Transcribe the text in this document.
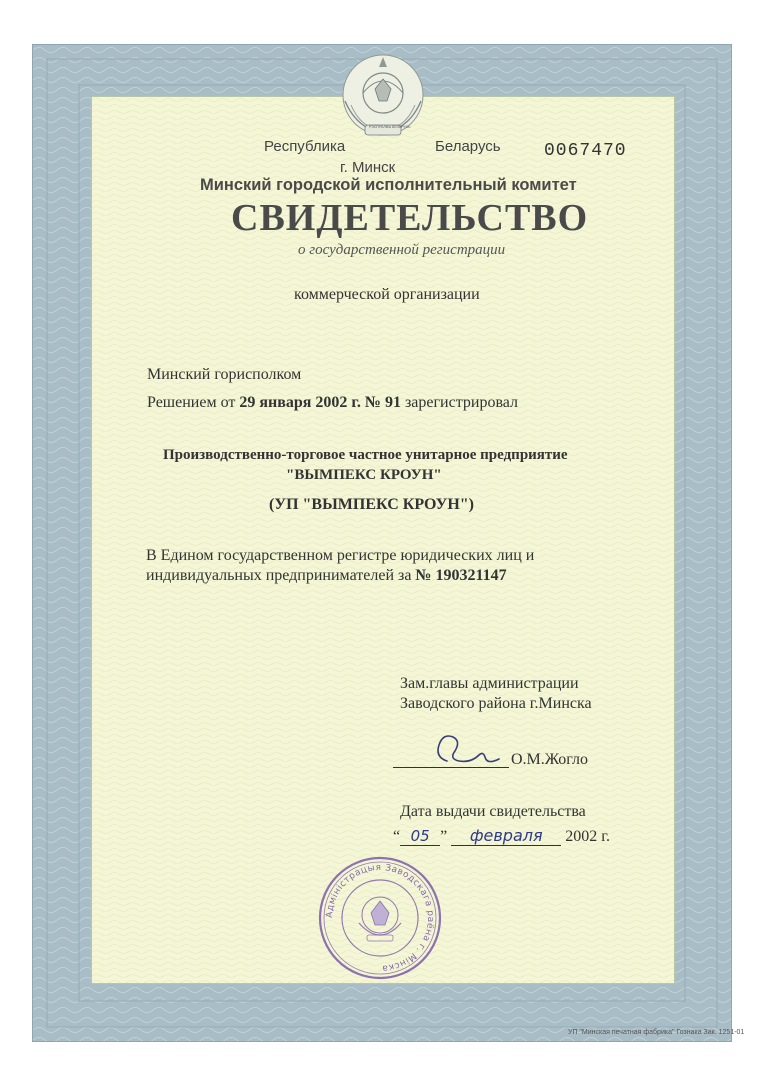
РЭСПУБЛІКА БЕЛАРУСЬ
Республика	Беларусь
г. Минск
0067470
Минский городской исполнительный комитет
СВИДЕТЕЛЬСТВО
о государственной регистрации
коммерческой организации
Минский горисполком
Решением от 29 января 2002 г. № 91 зарегистрировал
Производственно-торговое частное унитарное предприятие
"ВЫМПЕКС КРОУН"
(УП "ВЫМПЕКС КРОУН")
В Едином государственном регистре юридических лиц и
индивидуальных предпринимателей за № 190321147
Зам.главы администрации
Заводского района г.Минска
О.М.Жогло
Дата выдачи свидетельства
“ 05 ” февраля 2002 г.
Адміністрацыя Заводскага раёна г. Мінска
УП "Минская печатная фабрика" Гознака Зак. 1251-01
